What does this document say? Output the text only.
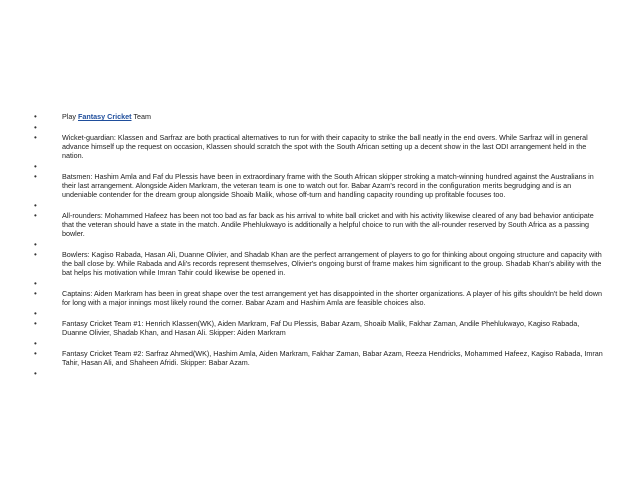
• Play Fantasy Cricket Team
•
• Wicket-guardian: Klassen and Sarfraz are both practical alternatives to run for with their capacity to strike the ball neatly in the end overs. While Sarfraz will in general advance himself up the request on occasion, Klassen should scratch the spot with the South African setting up a decent show in the last ODI arrangement held in the nation.
•
• Batsmen: Hashim Amla and Faf du Plessis have been in extraordinary frame with the South African skipper stroking a match-winning hundred against the Australians in their last arrangement. Alongside Aiden Markram, the veteran team is one to watch out for. Babar Azam's record in the configuration merits begrudging and is an undeniable contender for the dream group alongside Shoaib Malik, whose off-turn and handling capacity rounding up profitable focuses too.
•
• All-rounders: Mohammed Hafeez has been not too bad as far back as his arrival to white ball cricket and with his activity likewise cleared of any bad behavior anticipate that the veteran should have a state in the match. Andile Phehlukwayo is additionally a helpful choice to run with the all-rounder reserved by South Africa as a passing bowler.
•
• Bowlers: Kagiso Rabada, Hasan Ali, Duanne Olivier, and Shadab Khan are the perfect arrangement of players to go for thinking about ongoing structure and capacity with the ball close by. While Rabada and Ali's records represent themselves, Olivier's ongoing burst of frame makes him significant to the group. Shadab Khan's ability with the bat helps his motivation while Imran Tahir could likewise be opened in.
•
• Captains: Aiden Markram has been in great shape over the test arrangement yet has disappointed in the shorter organizations. A player of his gifts shouldn't be held down for long with a major innings most likely round the corner. Babar Azam and Hashim Amla are feasible choices also.
•
• Fantasy Cricket Team #1: Henrich Klassen(WK), Aiden Markram, Faf Du Plessis, Babar Azam, Shoaib Malik, Fakhar Zaman, Andile Phehlukwayo, Kagiso Rabada, Duanne Olivier, Shadab Khan, and Hasan Ali. Skipper: Aiden Markram
•
• Fantasy Cricket Team #2: Sarfraz Ahmed(WK), Hashim Amla, Aiden Markram, Fakhar Zaman, Babar Azam, Reeza Hendricks, Mohammed Hafeez, Kagiso Rabada, Imran Tahir, Hasan Ali, and Shaheen Afridi. Skipper: Babar Azam.
•
